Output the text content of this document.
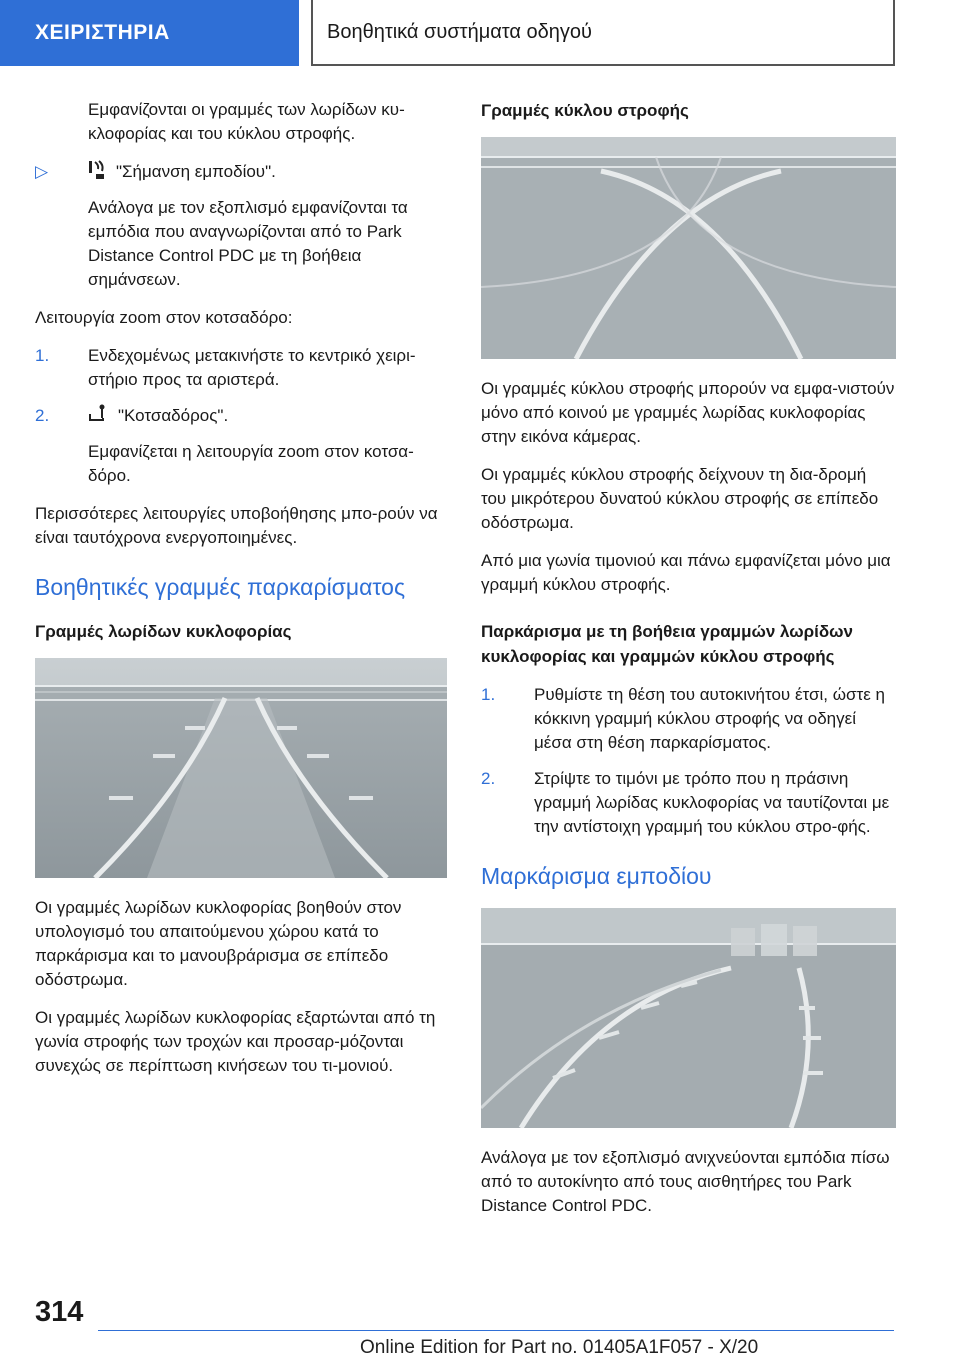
ΧΕΙΡΙΣΤΗΡΙΑ	Βοηθητικά συστήματα οδηγού

Εμφανίζονται οι γραμμές των λωρίδων κυ‐κλοφορίας και του κύκλου στροφής.

▷	"Σήμανση εμποδίου".

Ανάλογα με τον εξοπλισμό εμφανίζονται τα εμπόδια που αναγνωρίζονται από το Park Distance Control PDC με τη βοήθεια σημάνσεων.

Λειτουργία zoom στον κοτσαδόρο:

1.	Ενδεχομένως μετακινήστε το κεντρικό χειρι‐στήριο προς τα αριστερά.
2.	"Κοτσαδόρος".

Εμφανίζεται η λειτουργία zoom στον κοτσα‐δόρο.

Περισσότερες λειτουργίες υποβοήθησης μπο‐ρούν να είναι ταυτόχρονα ενεργοποιημένες.

Βοηθητικές γραμμές παρκαρίσματος
Γραμμές λωρίδων κυκλοφορίας

Οι γραμμές λωρίδων κυκλοφορίας βοηθούν στον υπολογισμό του απαιτούμενου χώρου κατά το παρκάρισμα και το μανουβράρισμα σε επίπεδο οδόστρωμα.

Οι γραμμές λωρίδων κυκλοφορίας εξαρτώνται από τη γωνία στροφής των τροχών και προσαρ‐μόζονται συνεχώς σε περίπτωση κινήσεων του τι‐μονιού.

Γραμμές κύκλου στροφής

Οι γραμμές κύκλου στροφής μπορούν να εμφα‐νιστούν μόνο από κοινού με γραμμές λωρίδας κυκλοφορίας στην εικόνα κάμερας.

Οι γραμμές κύκλου στροφής δείχνουν τη δια‐δρομή του μικρότερου δυνατού κύκλου στροφής σε επίπεδο οδόστρωμα.

Από μια γωνία τιμονιού και πάνω εμφανίζεται μόνο μια γραμμή κύκλου στροφής.

Παρκάρισμα με τη βοήθεια γραμμών λωρίδων κυκλοφορίας και γραμμών κύκλου στροφής
1.	Ρυθμίστε τη θέση του αυτοκινήτου έτσι, ώστε η κόκκινη γραμμή κύκλου στροφής να οδηγεί μέσα στη θέση παρκαρίσματος.
2.	Στρίψτε το τιμόνι με τρόπο που η πράσινη γραμμή λωρίδας κυκλοφορίας να ταυτίζονται με την αντίστοιχη γραμμή του κύκλου στρο‐φής.
Μαρκάρισμα εμποδίου

Ανάλογα με τον εξοπλισμό ανιχνεύονται εμπόδια πίσω από το αυτοκίνητο από τους αισθητήρες του Park Distance Control PDC.

314
Online Edition for Part no. 01405A1F057 - X/20
